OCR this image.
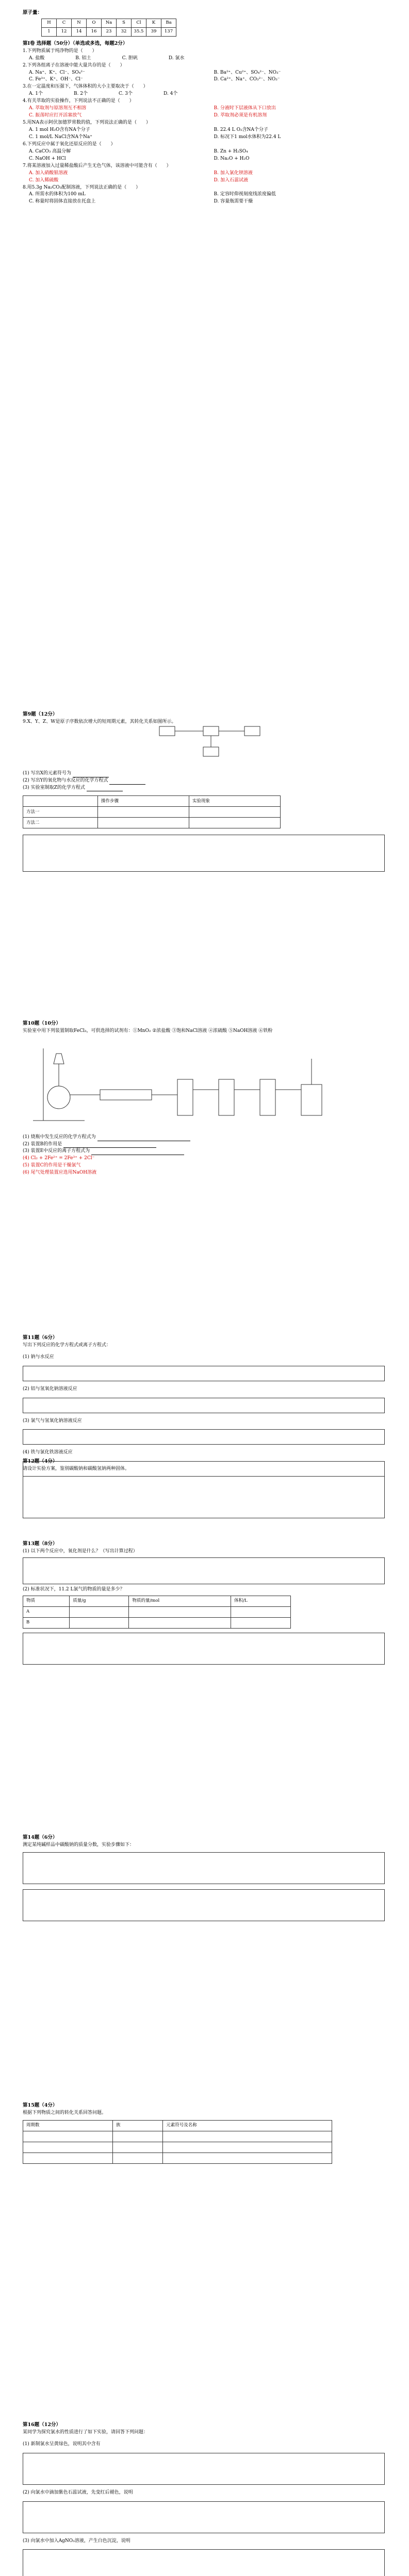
原子量：
H	C	N	O	Na	S	Cl	K	Ba
1	12	14	16	23	32	35.5	39	137
第Ⅰ卷 选择题（50分）（单选或多选，每题2分）

1.下列物质属于纯净物的是（　　）

A. 盐酸	B. 铝土	C. 胆矾	D. 氯水

2.下列各组离子在溶液中能大量共存的是（　　）

A. Na⁺、K⁺、Cl⁻、SO₄²⁻	B. Ba²⁺、Cu²⁺、SO₄²⁻、NO₃⁻
C. Fe³⁺、K⁺、OH⁻、Cl⁻	D. Ca²⁺、Na⁺、CO₃²⁻、NO₃⁻

3.在一定温度和压强下，气体体积的大小主要取决于（　　）

A. 1个	B. 2个	C. 3个	D. 4个

4.有关萃取的实验操作，下列说法不正确的是（　　）

A. 萃取剂与原溶剂互不相溶	B. 分液时下层液体从下口放出
C. 振荡时应打开活塞放气	D. 萃取剂必须是有机溶剂

5.用NA表示阿伏加德罗常数的值，下列说法正确的是（　　）

A. 1 mol H₂O含有NA个分子	B. 22.4 L O₂含NA个分子
C. 1 mol/L NaCl含NA个Na⁺	D. 标况下1 mol水体积为22.4 L

6.下列反应中属于氧化还原反应的是（　　）

A. CaCO₃ 高温分解	B. Zn + H₂SO₄
C. NaOH + HCl	D. Na₂O + H₂O

7.将某溶液加入过量稀盐酸后产生无色气体，该溶液中可能含有（　　）

A. 加入硝酸银溶液	B. 加入氯化钡溶液
C. 加入稀硫酸	D. 加入石蕊试液

8.用5.3g Na₂CO₃配制溶液，下列说法正确的是（　　）

A. 所需水的体积为100 mL	B. 定容时仰视刻度线浓度偏低
C. 称量时将固体直接放在托盘上	D. 容量瓶需要干燥
第9题（12分）

9.X、Y、Z、W是原子序数依次增大的短周期元素，其转化关系如图所示。

(1) 写出X的元素符号为

(2) 写出Y的氧化物与水反应的化学方程式

(3) 实验室制取Z的化学方程式

	操作步骤	实验现象
方法一		
方法二		
第10题（10分）

实验室中用下列装置制取FeCl₃，可供选择的试剂有：①MnO₂ ②浓盐酸 ③饱和NaCl溶液 ④浓硫酸 ⑤NaOH溶液 ⑥铁粉

(1) 烧瓶中发生反应的化学方程式为

(2) 装置B的作用是

(3) 装置E中反应的离子方程式为

(4) Cl₂ + 2Fe²⁺ = 2Fe³⁺ + 2Cl⁻

(5) 装置C的作用是干燥氯气

(6) 尾气处理装置应选用NaOH溶液

第11题（6分）

写出下列反应的化学方程式或离子方程式：

(1) 钠与水反应

(2) 铝与氢氧化钠溶液反应

(3) 氯气与氢氧化钠溶液反应

(4) 铁与氯化铁溶液反应

第12题（4分）

请设计实验方案，鉴别碳酸钠和碳酸氢钠两种固体。

第13题（8分）

(1) 以下两个反应中，氧化剂是什么？（写出计算过程）

(2) 标准状况下，11.2 L氯气的物质的量是多少？

物质	质量/g	物质的量/mol	体积/L
A			
B			
第14题（6分）

测定某纯碱样品中碳酸钠的质量分数，实验步骤如下：

第15题（4分）

根据下列物质之间的转化关系回答问题。

周期数	族	元素符号及名称

第16题（12分）

某同学为探究氯水的性质进行了如下实验，请回答下列问题：

(1) 新制氯水呈黄绿色，说明其中含有

(2) 向氯水中滴加紫色石蕊试液，先变红后褪色，说明

(3) 向氯水中加入AgNO₃溶液，产生白色沉淀，说明
